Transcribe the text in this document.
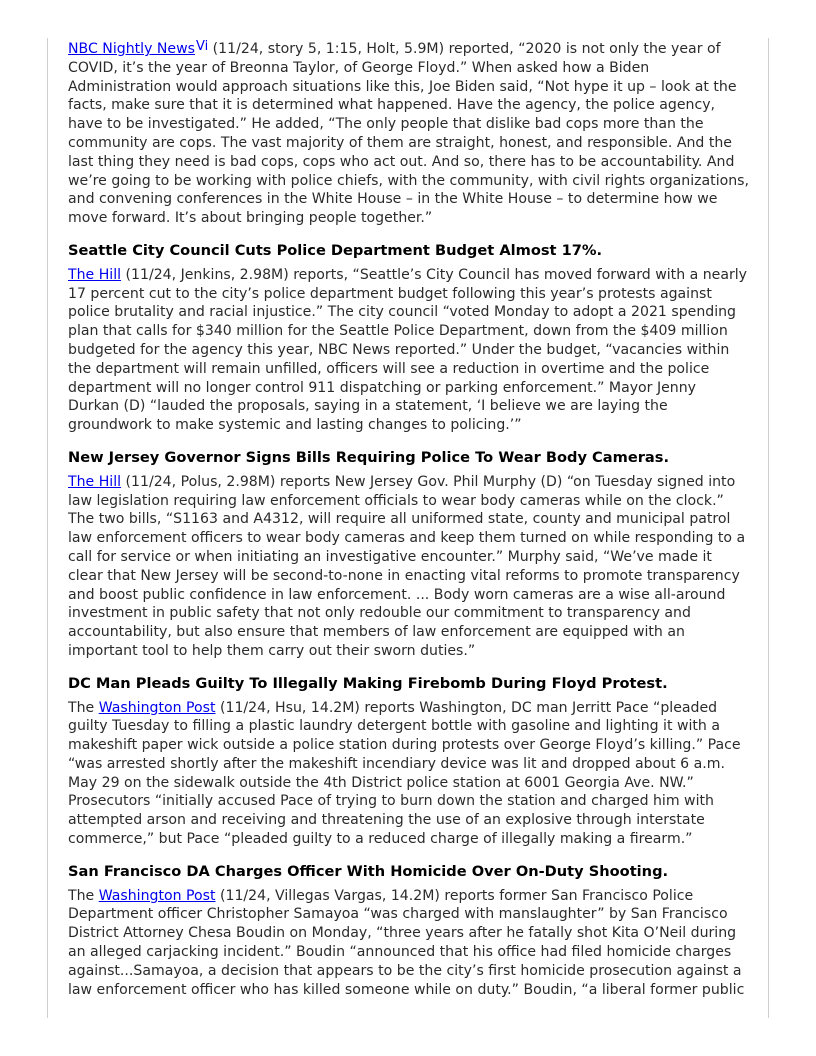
NBC Nightly NewsVi (11/24, story 5, 1:15, Holt, 5.9M) reported, “2020 is not only the year of COVID, it’s the year of Breonna Taylor, of George Floyd.” When asked how a Biden Administration would approach situations like this, Joe Biden said, “Not hype it up – look at the facts, make sure that it is determined what happened. Have the agency, the police agency, have to be investigated.” He added, “The only people that dislike bad cops more than the community are cops. The vast majority of them are straight, honest, and responsible. And the last thing they need is bad cops, cops who act out. And so, there has to be accountability. And we’re going to be working with police chiefs, with the community, with civil rights organizations, and convening conferences in the White House – in the White House – to determine how we move forward. It’s about bringing people together.”

Seattle City Council Cuts Police Department Budget Almost 17%.

The Hill (11/24, Jenkins, 2.98M) reports, “Seattle’s City Council has moved forward with a nearly 17 percent cut to the city’s police department budget following this year’s protests against police brutality and racial injustice.” The city council “voted Monday to adopt a 2021 spending plan that calls for $340 million for the Seattle Police Department, down from the $409 million budgeted for the agency this year, NBC News reported.” Under the budget, “vacancies within the department will remain unfilled, officers will see a reduction in overtime and the police department will no longer control 911 dispatching or parking enforcement.” Mayor Jenny Durkan (D) “lauded the proposals, saying in a statement, ‘I believe we are laying the groundwork to make systemic and lasting changes to policing.’”

New Jersey Governor Signs Bills Requiring Police To Wear Body Cameras.

The Hill (11/24, Polus, 2.98M) reports New Jersey Gov. Phil Murphy (D) “on Tuesday signed into law legislation requiring law enforcement officials to wear body cameras while on the clock.” The two bills, “S1163 and A4312, will require all uniformed state, county and municipal patrol law enforcement officers to wear body cameras and keep them turned on while responding to a call for service or when initiating an investigative encounter.” Murphy said, “We’ve made it clear that New Jersey will be second-to-none in enacting vital reforms to promote transparency and boost public confidence in law enforcement. ... Body worn cameras are a wise all-around investment in public safety that not only redouble our commitment to transparency and accountability, but also ensure that members of law enforcement are equipped with an important tool to help them carry out their sworn duties.”

DC Man Pleads Guilty To Illegally Making Firebomb During Floyd Protest.

The Washington Post (11/24, Hsu, 14.2M) reports Washington, DC man Jerritt Pace “pleaded guilty Tuesday to filling a plastic laundry detergent bottle with gasoline and lighting it with a makeshift paper wick outside a police station during protests over George Floyd’s killing.” Pace “was arrested shortly after the makeshift incendiary device was lit and dropped about 6 a.m. May 29 on the sidewalk outside the 4th District police station at 6001 Georgia Ave. NW.” Prosecutors “initially accused Pace of trying to burn down the station and charged him with attempted arson and receiving and threatening the use of an explosive through interstate commerce,” but Pace “pleaded guilty to a reduced charge of illegally making a firearm.”

San Francisco DA Charges Officer With Homicide Over On-Duty Shooting.

The Washington Post (11/24, Villegas Vargas, 14.2M) reports former San Francisco Police Department officer Christopher Samayoa “was charged with manslaughter” by San Francisco District Attorney Chesa Boudin on Monday, “three years after he fatally shot Kita O’Neil during an alleged carjacking incident.” Boudin “announced that his office had filed homicide charges against...Samayoa, a decision that appears to be the city’s first homicide prosecution against a law enforcement officer who has killed someone while on duty.” Boudin, “a liberal former public
